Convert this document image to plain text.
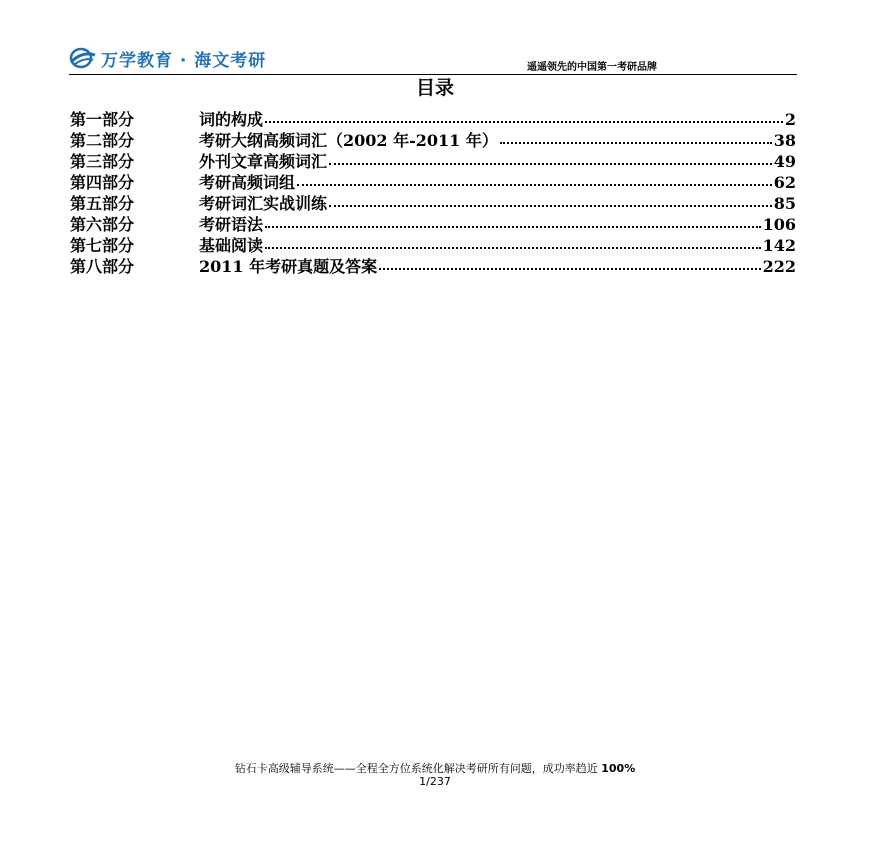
万学教育 · 海文考研	遥遥领先的中国第一考研品牌
目录
第一部分	词的构成	2
第二部分	考研大纲高频词汇（2002 年-2011 年）	38
第三部分	外刊文章高频词汇	49
第四部分	考研高频词组	62
第五部分	考研词汇实战训练	85
第六部分	考研语法	106
第七部分	基础阅读	142
第八部分	2011 年考研真题及答案	222
钻石卡高级辅导系统——全程全方位系统化解决考研所有问题，成功率趋近 100%
1/237
